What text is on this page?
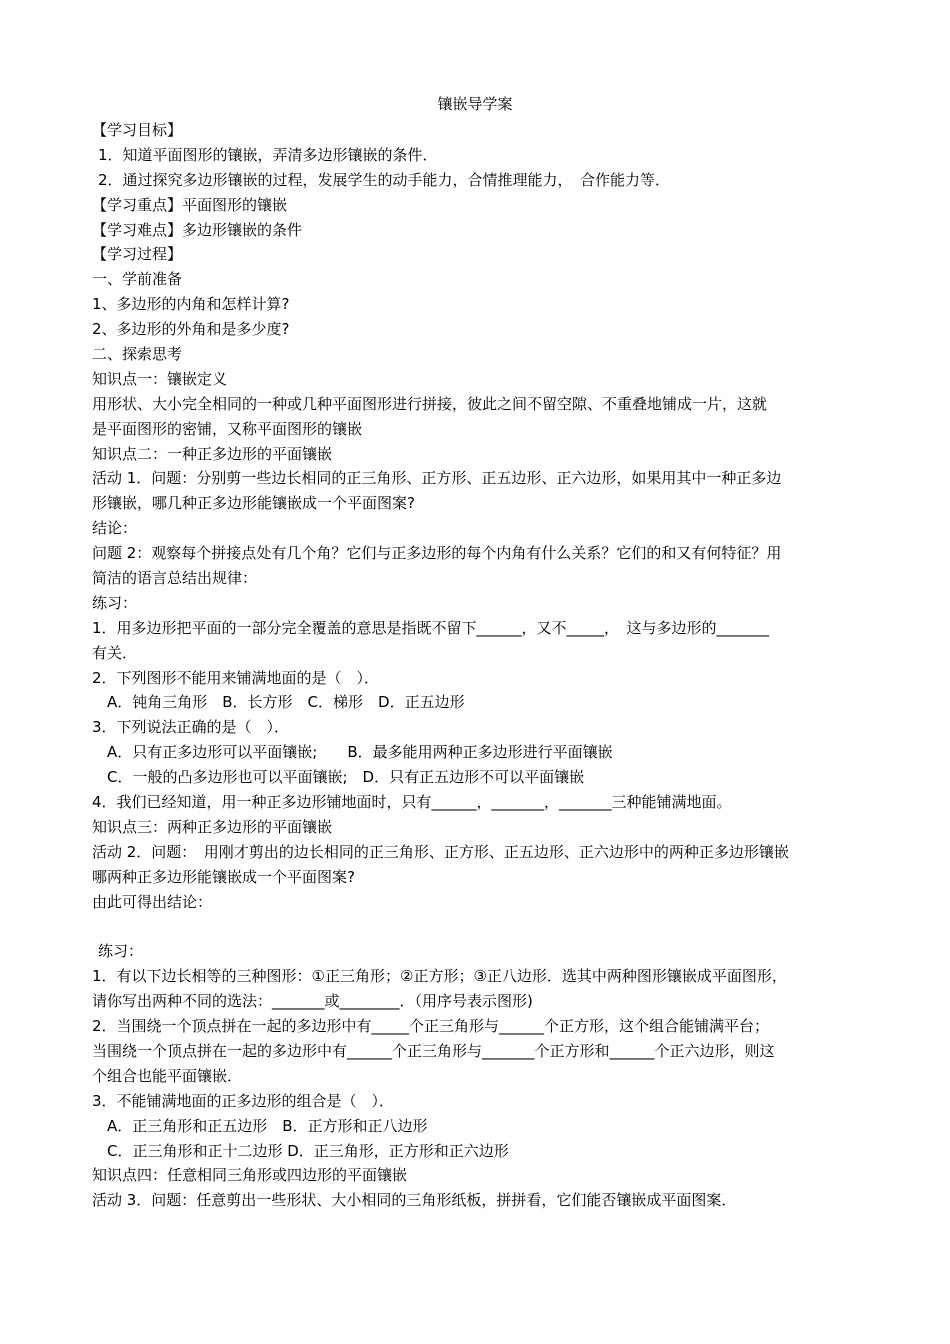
镶嵌导学案
【学习目标】
1．知道平面图形的镶嵌，弄清多边形镶嵌的条件．
2．通过探究多边形镶嵌的过程，发展学生的动手能力，合情推理能力，　合作能力等．
【学习重点】平面图形的镶嵌
【学习难点】多边形镶嵌的条件
【学习过程】
一、学前准备
1、多边形的内角和怎样计算?
2、多边形的外角和是多少度?
二、探索思考
知识点一：镶嵌定义
用形状、大小完全相同的一种或几种平面图形进行拼接，彼此之间不留空隙、不重叠地铺成一片，这就
是平面图形的密铺，又称平面图形的镶嵌
知识点二：一种正多边形的平面镶嵌
活动 1．问题：分别剪一些边长相同的正三角形、正方形、正五边形、正六边形，如果用其中一种正多边
形镶嵌，哪几种正多边形能镶嵌成一个平面图案?
结论：
问题 2：观察每个拼接点处有几个角？它们与正多边形的每个内角有什么关系？它们的和又有何特征？用
简洁的语言总结出规律：
练习：
1．用多边形把平面的一部分完全覆盖的意思是指既不留下______，又不_____，　这与多边形的_______
有关．
2．下列图形不能用来铺满地面的是（　）．
A．钝角三角形　B．长方形　C．梯形　D．正五边形
3．下列说法正确的是（　）．
A．只有正多边形可以平面镶嵌;　　B．最多能用两种正多边形进行平面镶嵌
C．一般的凸多边形也可以平面镶嵌;　D．只有正五边形不可以平面镶嵌
4．我们已经知道，用一种正多边形铺地面时，只有______，_______，_______三种能铺满地面。
知识点三：两种正多边形的平面镶嵌
活动 2．问题：　用刚才剪出的边长相同的正三角形、正方形、正五边形、正六边形中的两种正多边形镶嵌
哪两种正多边形能镶嵌成一个平面图案?
由此可得出结论：
练习：
1．有以下边长相等的三种图形：①正三角形；②正方形；③正八边形．选其中两种图形镶嵌成平面图形，
请你写出两种不同的选法：_______或________．（用序号表示图形)
2．当围绕一个顶点拼在一起的多边形中有_____个正三角形与______个正方形，这个组合能铺满平台；
当围绕一个顶点拼在一起的多边形中有______个正三角形与_______个正方形和______个正六边形，则这
个组合也能平面镶嵌．
3．不能铺满地面的正多边形的组合是（　）．
A．正三角形和正五边形　B．正方形和正八边形
C．正三角形和正十二边形 D．正三角形，正方形和正六边形
知识点四：任意相同三角形或四边形的平面镶嵌
活动 3．问题：任意剪出一些形状、大小相同的三角形纸板，拼拼看，它们能否镶嵌成平面图案．
